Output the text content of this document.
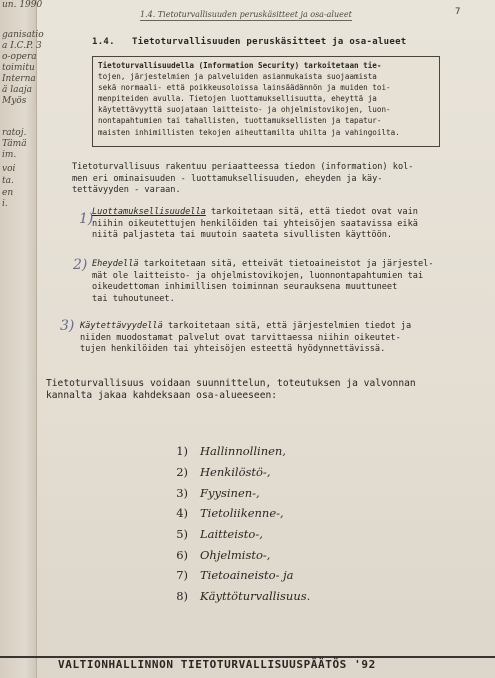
un. 1990
ganisatio
a I.C.P. 3
o-opera
toimitu
Interna
ä laaja
Myös
ratoj.
Tämä
im.
voi
ta.
en
i.
1.4. Tietoturvallisuuden peruskäsitteet ja osa-alueet	7
1.4. Tietoturvallisuuden peruskäsitteet ja osa-alueet
Tietoturvallisuudella (Information Security) tarkoitetaan tie-
tojen, järjestelmien ja palveluiden asianmukaista suojaamista
sekä normaali- että poikkeusoloissa lainsäädännön ja muiden toi-
menpiteiden avulla. Tietojen luottamuksellisuutta, eheyttä ja
käytettävyyttä suojataan laitteisto- ja ohjelmistovikojen, luon-
nontapahtumien tai tahallisten, tuottamuksellisten ja tapatur-
maisten inhimillisten tekojen aiheuttamilta uhilta ja vahingoilta.
Tietoturvallisuus rakentuu periaatteessa tiedon (information) kol-
men eri ominaisuuden - luottamuksellisuuden, eheyden ja käy-
tettävyyden - varaan.
1)
Luottamuksellisuudella tarkoitetaan sitä, että tiedot ovat vain
niihin oikeutettujen henkilöiden tai yhteisöjen saatavissa eikä
niitä paljasteta tai muutoin saateta sivullisten käyttöön.
2) Eheydellä tarkoitetaan sitä, etteivät tietoaineistot ja järjestel-
mät ole laitteisto- ja ohjelmistovikojen, luonnontapahtumien tai
oikeudettoman inhimillisen toiminnan seurauksena muuttuneet
tai tuhoutuneet.
3) Käytettävyydellä tarkoitetaan sitä, että järjestelmien tiedot ja
niiden muodostamat palvelut ovat tarvittaessa niihin oikeutet-
tujen henkilöiden tai yhteisöjen esteettä hyödynnettävissä.
Tietoturvallisuus voidaan suunnittelun, toteutuksen ja valvonnan
kannalta jakaa kahdeksaan osa-alueeseen:
1)	Hallinnollinen,
2)	Henkilöstö-,
3)	Fyysinen-,
4)	Tietoliikenne-,
5)	Laitteisto-,
6)	Ohjelmisto-,
7)	Tietoaineisto- ja
8)	Käyttöturvallisuus.
VALTIONHALLINNON TIETOTURVALLISUUSPÄÄTÖS '92
